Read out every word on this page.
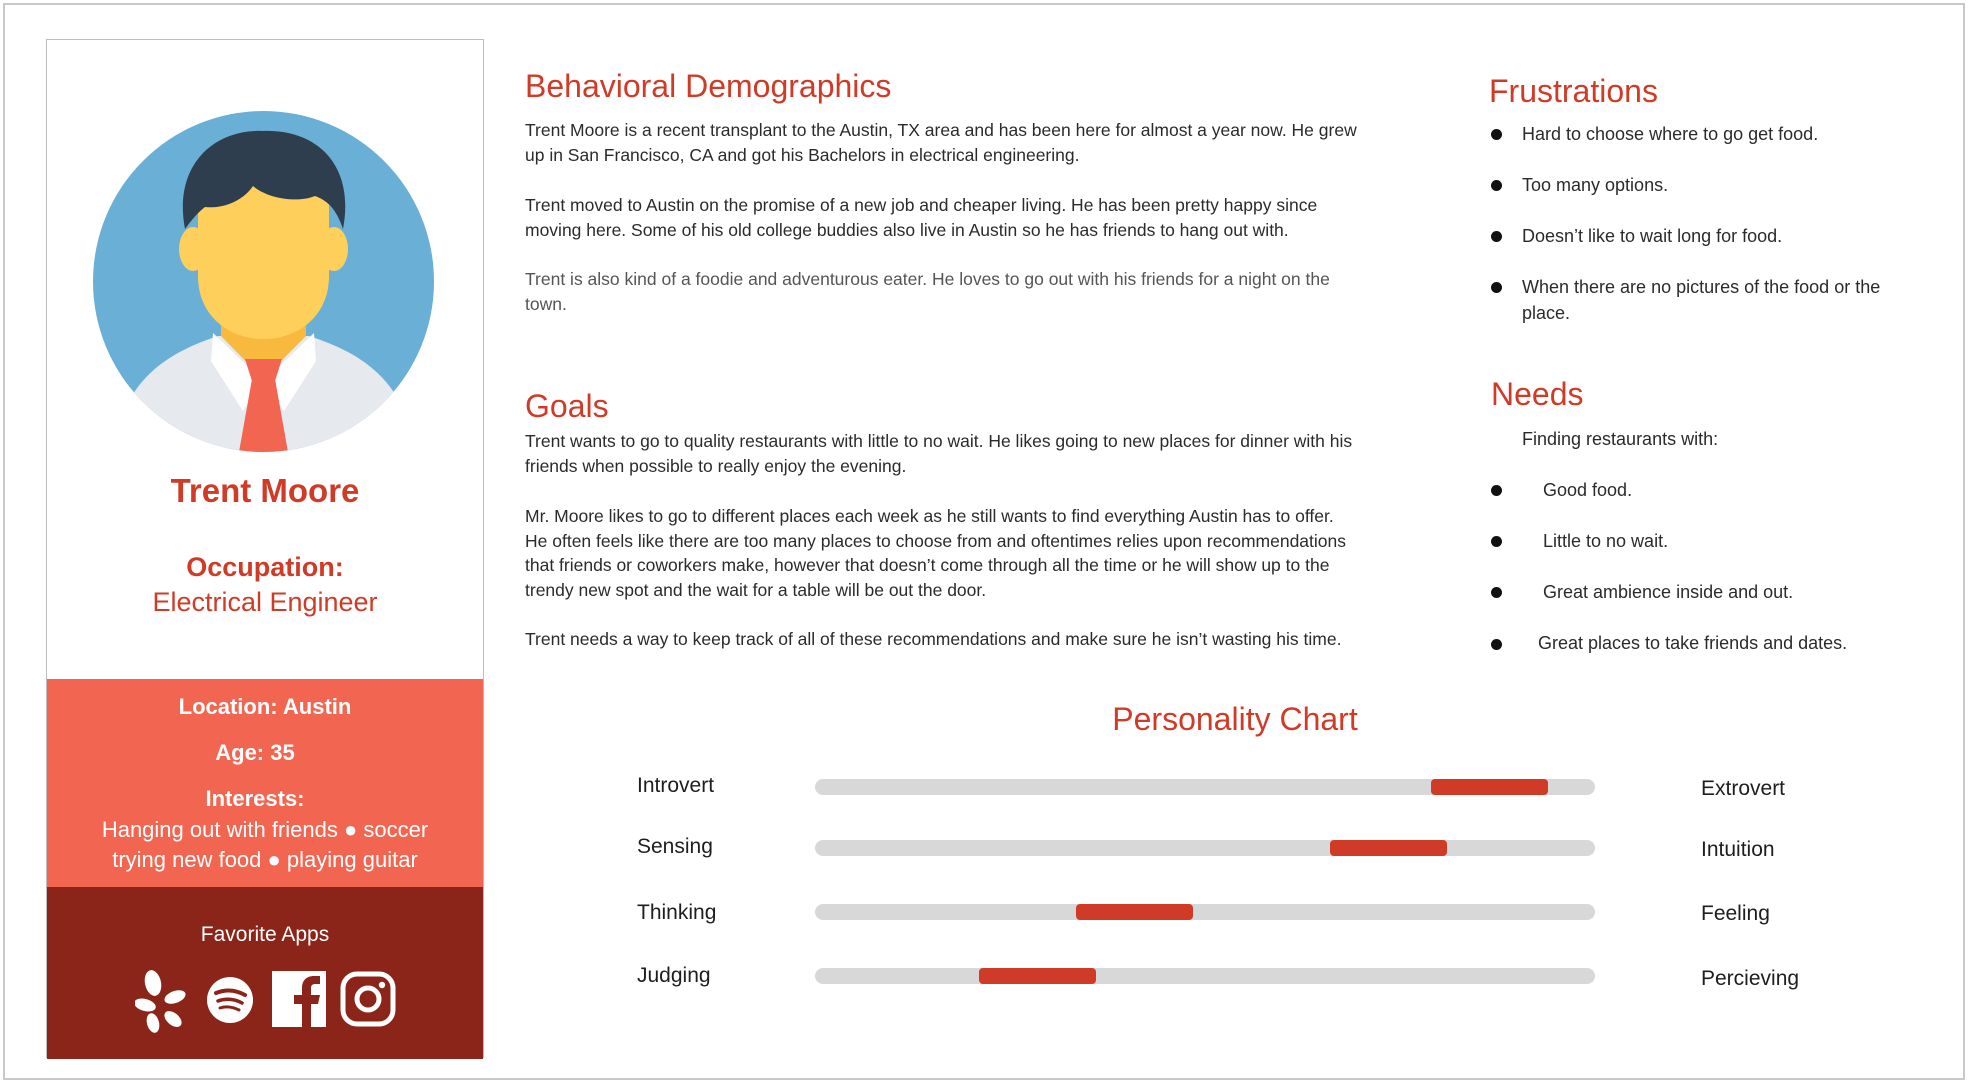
Trent Moore
Occupation:
Electrical Engineer
Location: Austin
Age: 35
Interests:
Hanging out with friends ● soccer
trying new food ● playing guitar
Favorite Apps
Behavioral Demographics
Trent Moore is a recent transplant to the Austin, TX area and has been here for almost a year now. He grew
up in San Francisco, CA and got his Bachelors in electrical engineering.
Trent moved to Austin on the promise of a new job and cheaper living. He has been pretty happy since
moving here. Some of his old college buddies also live in Austin so he has friends to hang out with.
Trent is also kind of a foodie and adventurous eater. He loves to go out with his friends for a night on the
town.
Goals
Trent wants to go to quality restaurants with little to no wait. He likes going to new places for dinner with his
friends when possible to really enjoy the evening.
Mr. Moore likes to go to different places each week as he still wants to find everything Austin has to offer.
He often feels like there are too many places to choose from and oftentimes relies upon recommendations
that friends or coworkers make, however that doesn’t come through all the time or he will show up to the
trendy new spot and the wait for a table will be out the door.
Trent needs a way to keep track of all of these recommendations and make sure he isn’t wasting his time.
Frustrations
Hard to choose where to go get food.
Too many options.
Doesn’t like to wait long for food.
When there are no pictures of the food or the
place.
Needs
Finding restaurants with:
Good food.
Little to no wait.
Great ambience inside and out.
Great places to take friends and dates.
Personality Chart
Introvert	Extrovert
Sensing	Intuition
Thinking	Feeling
Judging	Percieving
